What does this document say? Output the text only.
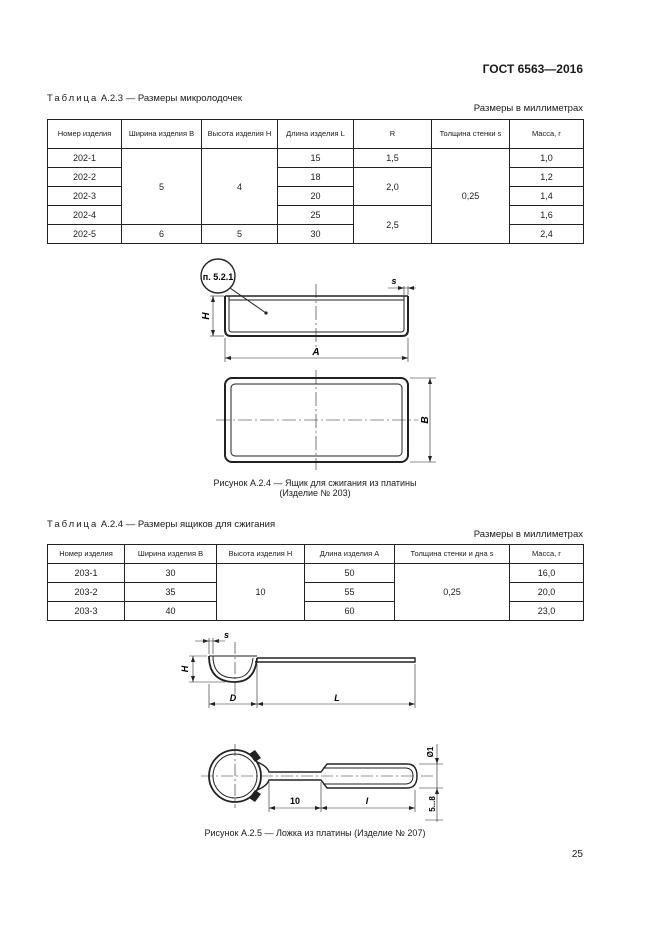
ГОСТ 6563—2016
Таблица А.2.3 — Размеры микролодочек
Размеры в миллиметрах
Номер изделия	Ширина изделия B	Высота изделия H	Длина изделия L	R	Толщина стенки s	Масса, г
202-1	5	4	15	1,5	0,25	1,0
202-2			18	2,0		1,2
202-3			20			1,4
202-4			25	2,5		1,6
202-5	6	5	30			2,4
п. 5.2.1
H
s
A
B
Рисунок А.2.4 — Ящик для сжигания из платины
(Изделие № 203)
Таблица А.2.4 — Размеры ящиков для сжигания
Размеры в миллиметрах
Номер изделия	Ширина изделия B	Высота изделия H	Длина изделия A	Толщина стенки и дна s	Масса, г
203-1	30	10	50	0,25	16,0
203-2	35		55		20,0
203-3	40		60		23,0
s
H
D	L
10	l
Ø1
5...8
Рисунок А.2.5 — Ложка из платины (Изделие № 207)
25
